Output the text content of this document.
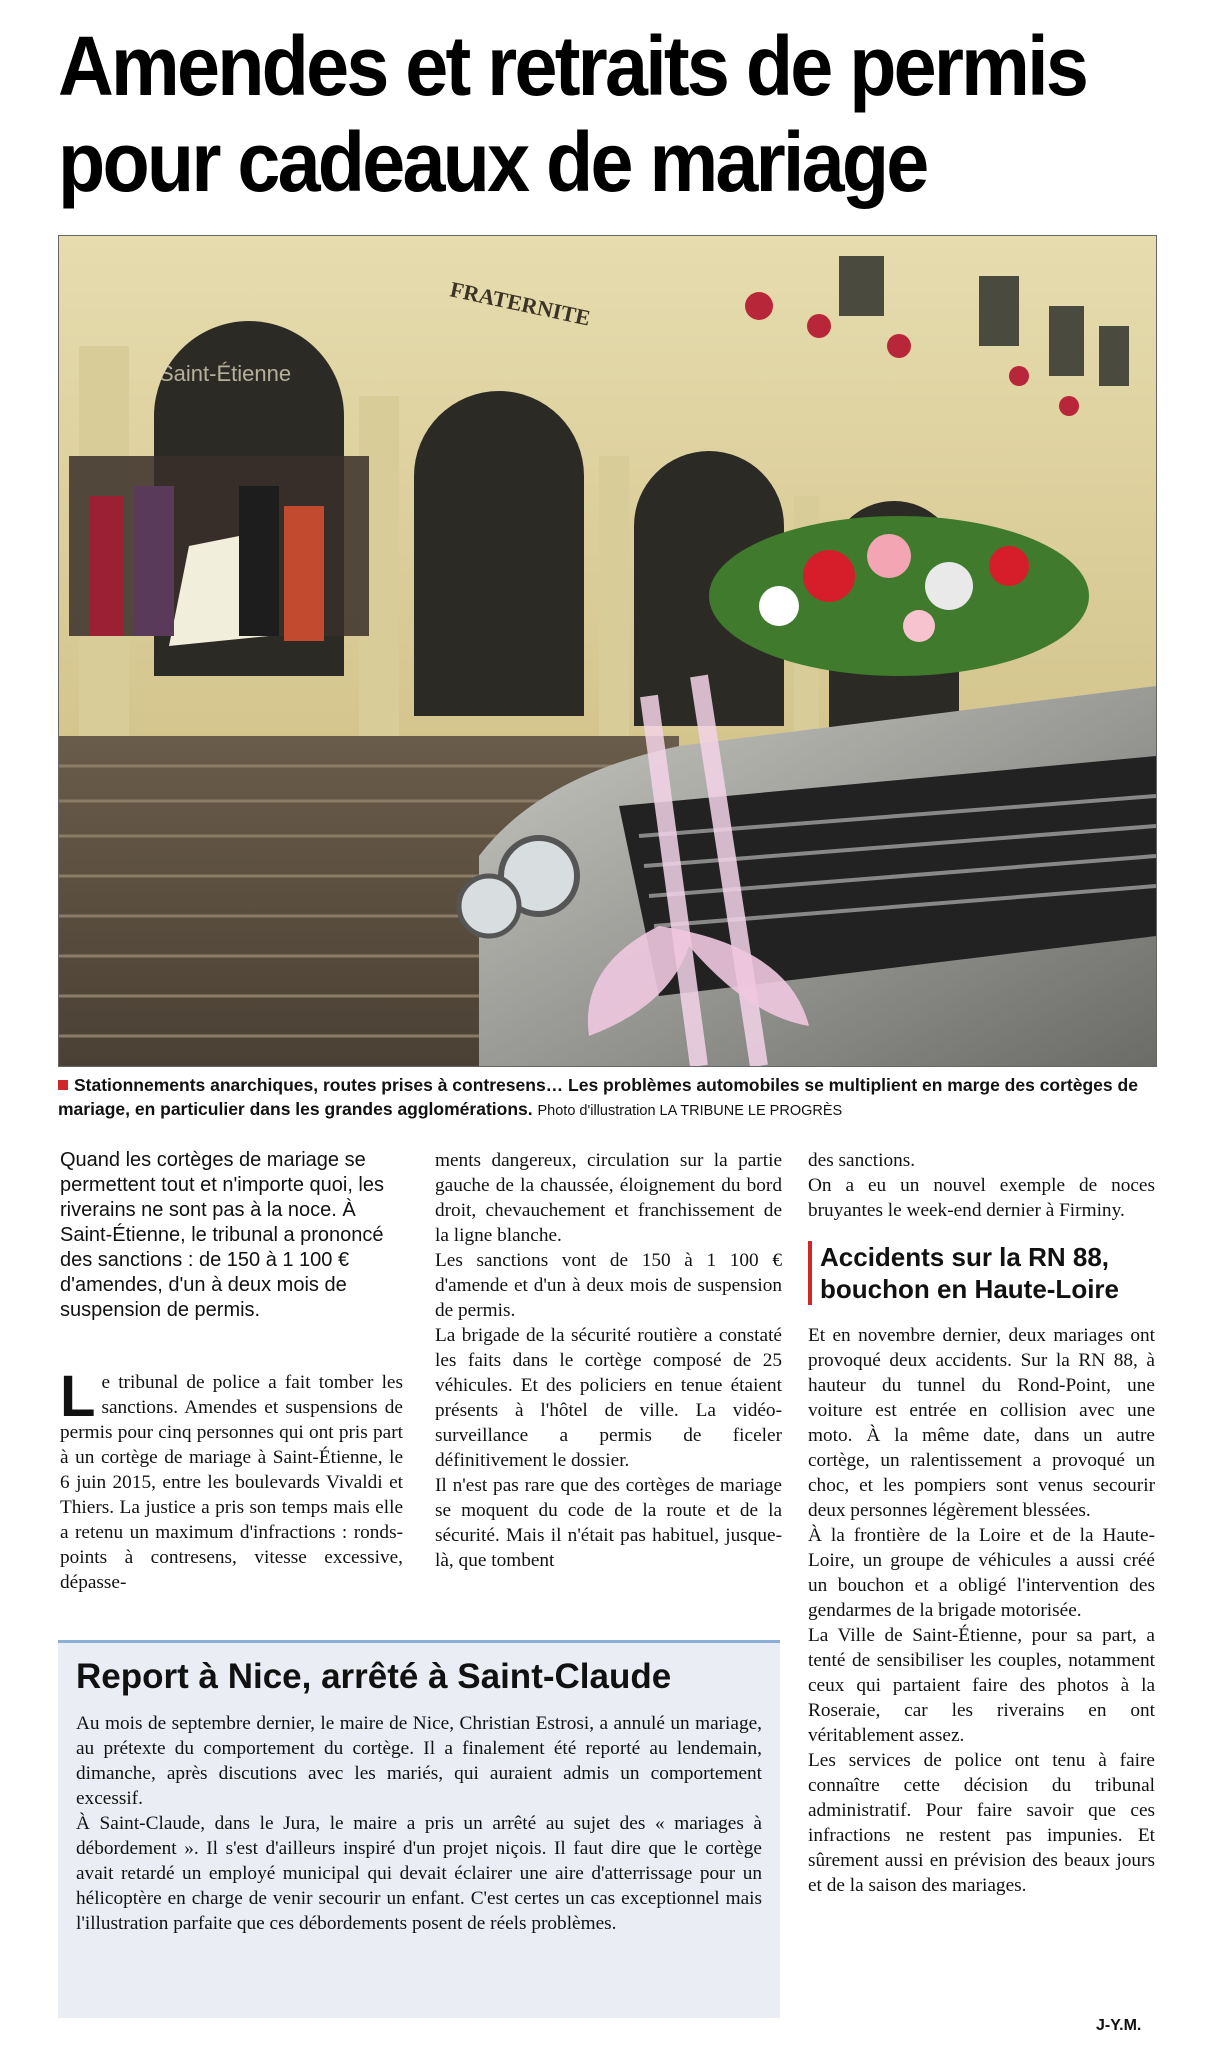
Amendes et retraits de permis
pour cadeaux de mariage
FRATERNITE
Saint-Étienne
Stationnements anarchiques, routes prises à contresens… Les problèmes automobiles se multiplient en marge des cortèges de mariage, en particulier dans les grandes agglomérations. Photo d'illustration LA TRIBUNE LE PROGRÈS
Quand les cortèges de mariage se permettent tout et n'importe quoi, les riverains ne sont pas à la noce. À Saint-Étienne, le tribunal a prononcé des sanctions : de 150 à 1 100 € d'amendes, d'un à deux mois de suspension de permis.
L e tribunal de police a fait tomber les sanctions. Amendes et suspensions de permis pour cinq personnes qui ont pris part à un cortège de mariage à Saint-Étienne, le 6 juin 2015, entre les boulevards Vivaldi et Thiers. La justice a pris son temps mais elle a retenu un maximum d'infractions : ronds-points à contresens, vitesse excessive, dépasse-

ments dangereux, circulation sur la partie gauche de la chaussée, éloignement du bord droit, chevauchement et franchissement de la ligne blanche.

Les sanctions vont de 150 à 1 100 € d'amende et d'un à deux mois de suspension de permis.

La brigade de la sécurité routière a constaté les faits dans le cortège composé de 25 véhicules. Et des policiers en tenue étaient présents à l'hôtel de ville. La vidéo-surveillance a permis de ficeler définitivement le dossier.

Il n'est pas rare que des cortèges de mariage se moquent du code de la route et de la sécurité. Mais il n'était pas habituel, jusque-là, que tombent

des sanctions.

On a eu un nouvel exemple de noces bruyantes le week-end dernier à Firminy.

Accidents sur la RN 88, bouchon en Haute-Loire

Et en novembre dernier, deux mariages ont provoqué deux accidents. Sur la RN 88, à hauteur du tunnel du Rond-Point, une voiture est entrée en collision avec une moto. À la même date, dans un autre cortège, un ralentissement a provoqué un choc, et les pompiers sont venus secourir deux personnes légèrement blessées.

À la frontière de la Loire et de la Haute-Loire, un groupe de véhicules a aussi créé un bouchon et a obligé l'intervention des gendarmes de la brigade motorisée.

La Ville de Saint-Étienne, pour sa part, a tenté de sensibiliser les couples, notamment ceux qui partaient faire des photos à la Roseraie, car les riverains en ont véritablement assez.

Les services de police ont tenu à faire connaître cette décision du tribunal administratif. Pour faire savoir que ces infractions ne restent pas impunies. Et sûrement aussi en prévision des beaux jours et de la saison des mariages.

Report à Nice, arrêté à Saint-Claude

Au mois de septembre dernier, le maire de Nice, Christian Estrosi, a annulé un mariage, au prétexte du comportement du cortège. Il a finalement été reporté au lendemain, dimanche, après discutions avec les mariés, qui auraient admis un comportement excessif.

À Saint-Claude, dans le Jura, le maire a pris un arrêté au sujet des « mariages à débordement ». Il s'est d'ailleurs inspiré d'un projet niçois. Il faut dire que le cortège avait retardé un employé municipal qui devait éclairer une aire d'atterrissage pour un hélicoptère en charge de venir secourir un enfant. C'est certes un cas exceptionnel mais l'illustration parfaite que ces débordements posent de réels problèmes.

J-Y.M.
